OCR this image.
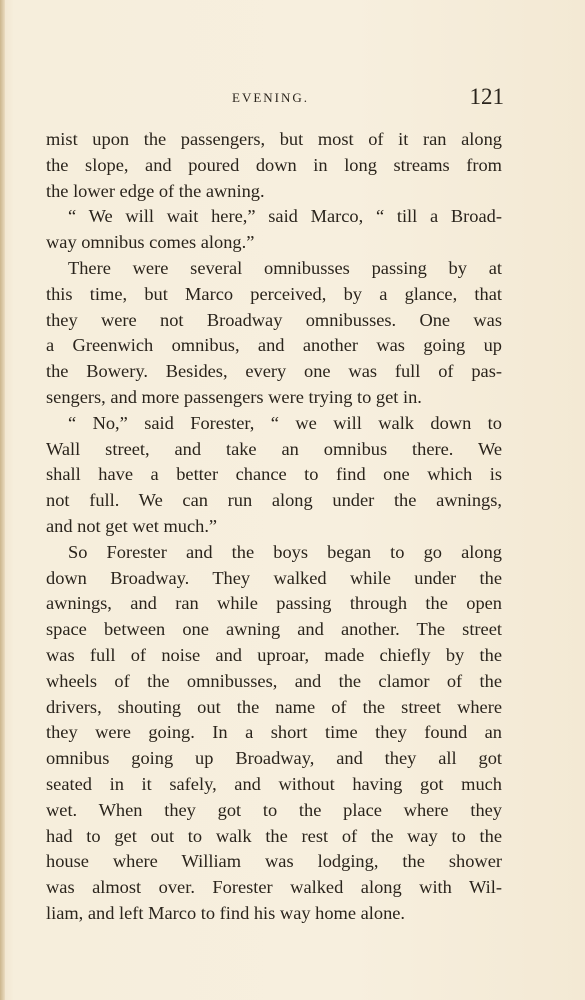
EVENING.	121
mist upon the passengers, but most of it ran along
the slope, and poured down in long streams from
the lower edge of the awning.
“ We will wait here,” said Marco, “ till a Broad-
way omnibus comes along.”
There were several omnibusses passing by at
this time, but Marco perceived, by a glance, that
they were not Broadway omnibusses. One was
a Greenwich omnibus, and another was going up
the Bowery. Besides, every one was full of pas-
sengers, and more passengers were trying to get in.
“ No,” said Forester, “ we will walk down to
Wall street, and take an omnibus there. We
shall have a better chance to find one which is
not full. We can run along under the awnings,
and not get wet much.”
So Forester and the boys began to go along
down Broadway. They walked while under the
awnings, and ran while passing through the open
space between one awning and another. The street
was full of noise and uproar, made chiefly by the
wheels of the omnibusses, and the clamor of the
drivers, shouting out the name of the street where
they were going. In a short time they found an
omnibus going up Broadway, and they all got
seated in it safely, and without having got much
wet. When they got to the place where they
had to get out to walk the rest of the way to the
house where William was lodging, the shower
was almost over. Forester walked along with Wil-
liam, and left Marco to find his way home alone.
